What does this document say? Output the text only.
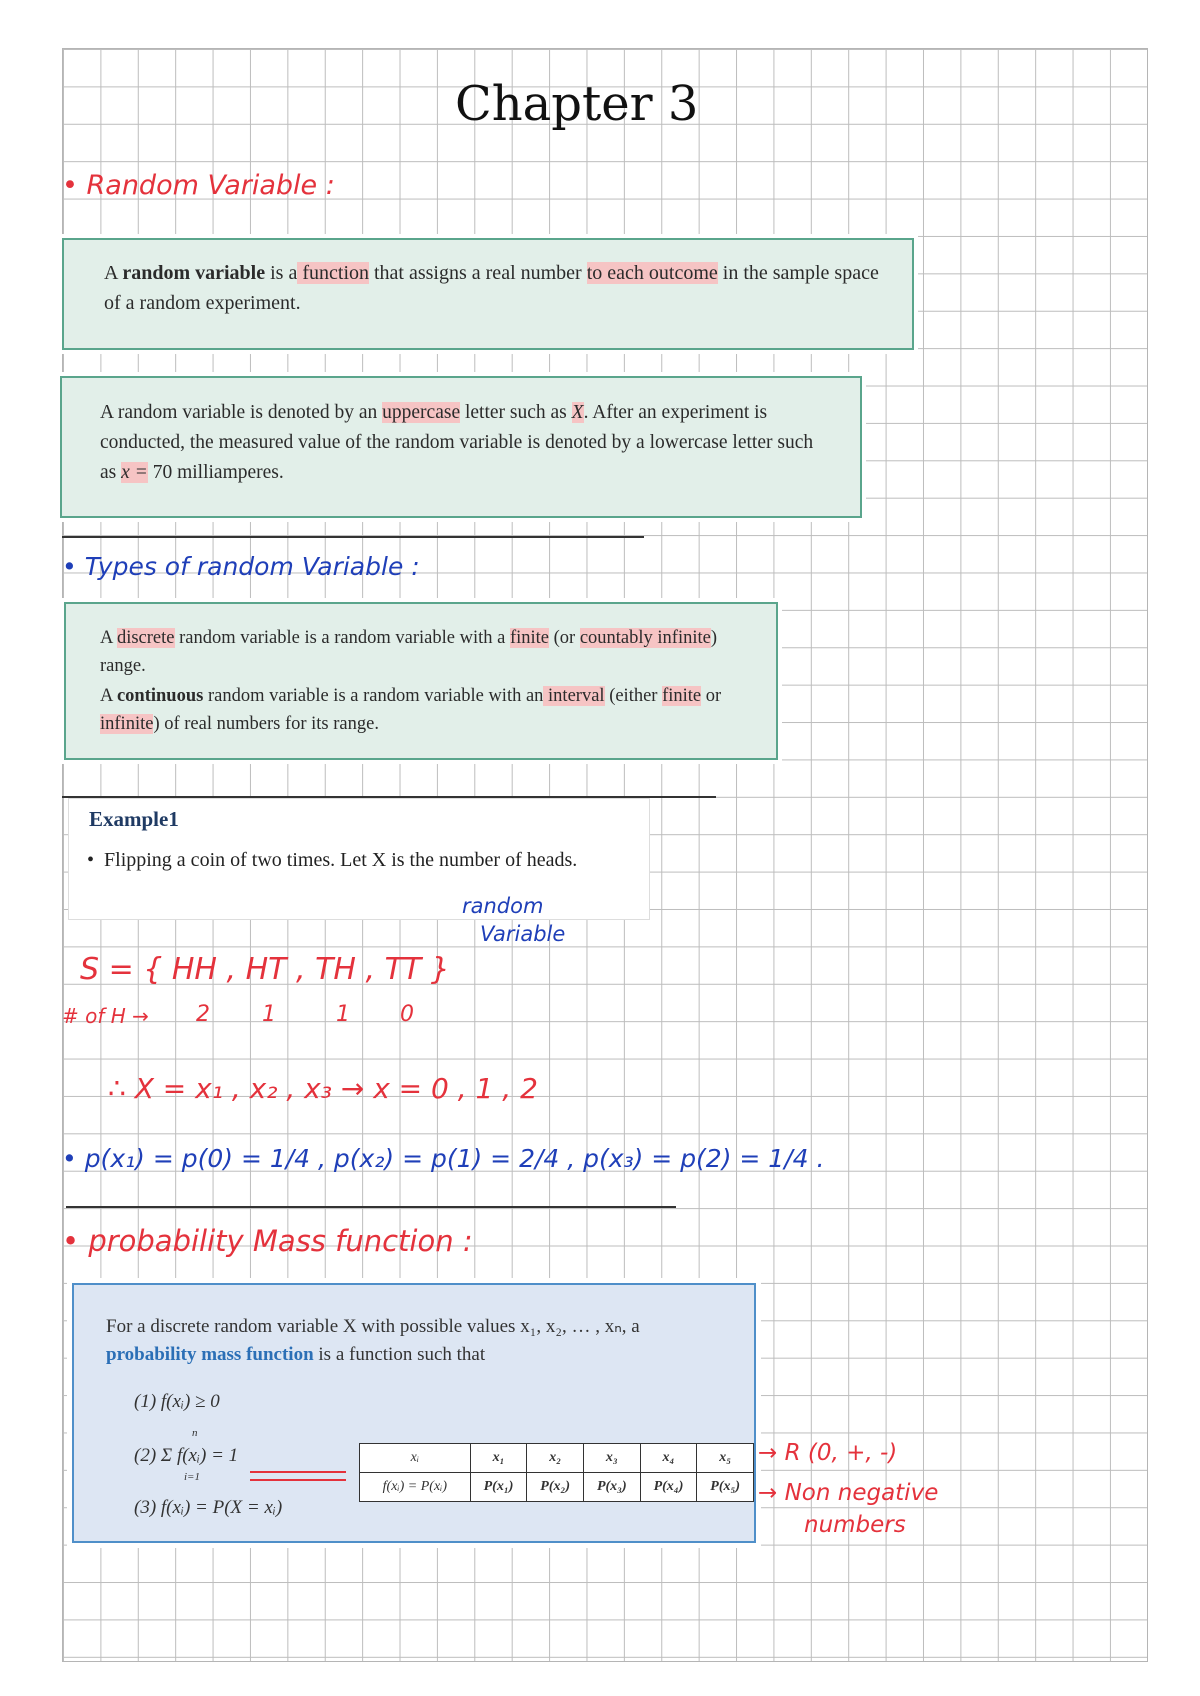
Chapter 3
• Random Variable :

A random variable is a function that assigns a real number to each outcome in the sample space of a random experiment.

A random variable is denoted by an uppercase letter such as X. After an experiment is conducted, the measured value of the random variable is denoted by a lowercase letter such as x = 70 milliamperes.

• Types of random Variable :

A discrete random variable is a random variable with a finite (or countably infinite) range.

A continuous random variable is a random variable with an interval (either finite or infinite) of real numbers for its range.

Example1
•  Flipping a coin of two times. Let X is the number of heads.
random
Variable
S = { HH , HT , TH , TT }
# of H → 2 1	1 0
∴ X = x₁ , x₂ , x₃ → x = 0 , 1 , 2
• p(x₁) = p(0) = 1/4 , p(x₂) = p(1) = 2/4 , p(x₃) = p(2) = 1/4 .
• probability Mass function :
For a discrete random variable X with possible values x₁, x₂, … , xₙ, a probability mass function is a function such that
(1) f(xᵢ) ≥ 0
n
(2) Σ f(xᵢ) = 1
i=1
(3) f(xᵢ) = P(X = xᵢ)
xᵢ	x₁	x₂	x₃	x₄	x₅
f(xᵢ) = P(xᵢ)	P(x₁)	P(x₂)	P(x₃)	P(x₄)	P(x₅)
→ R (0, +, -)
→ Non negative
numbers
